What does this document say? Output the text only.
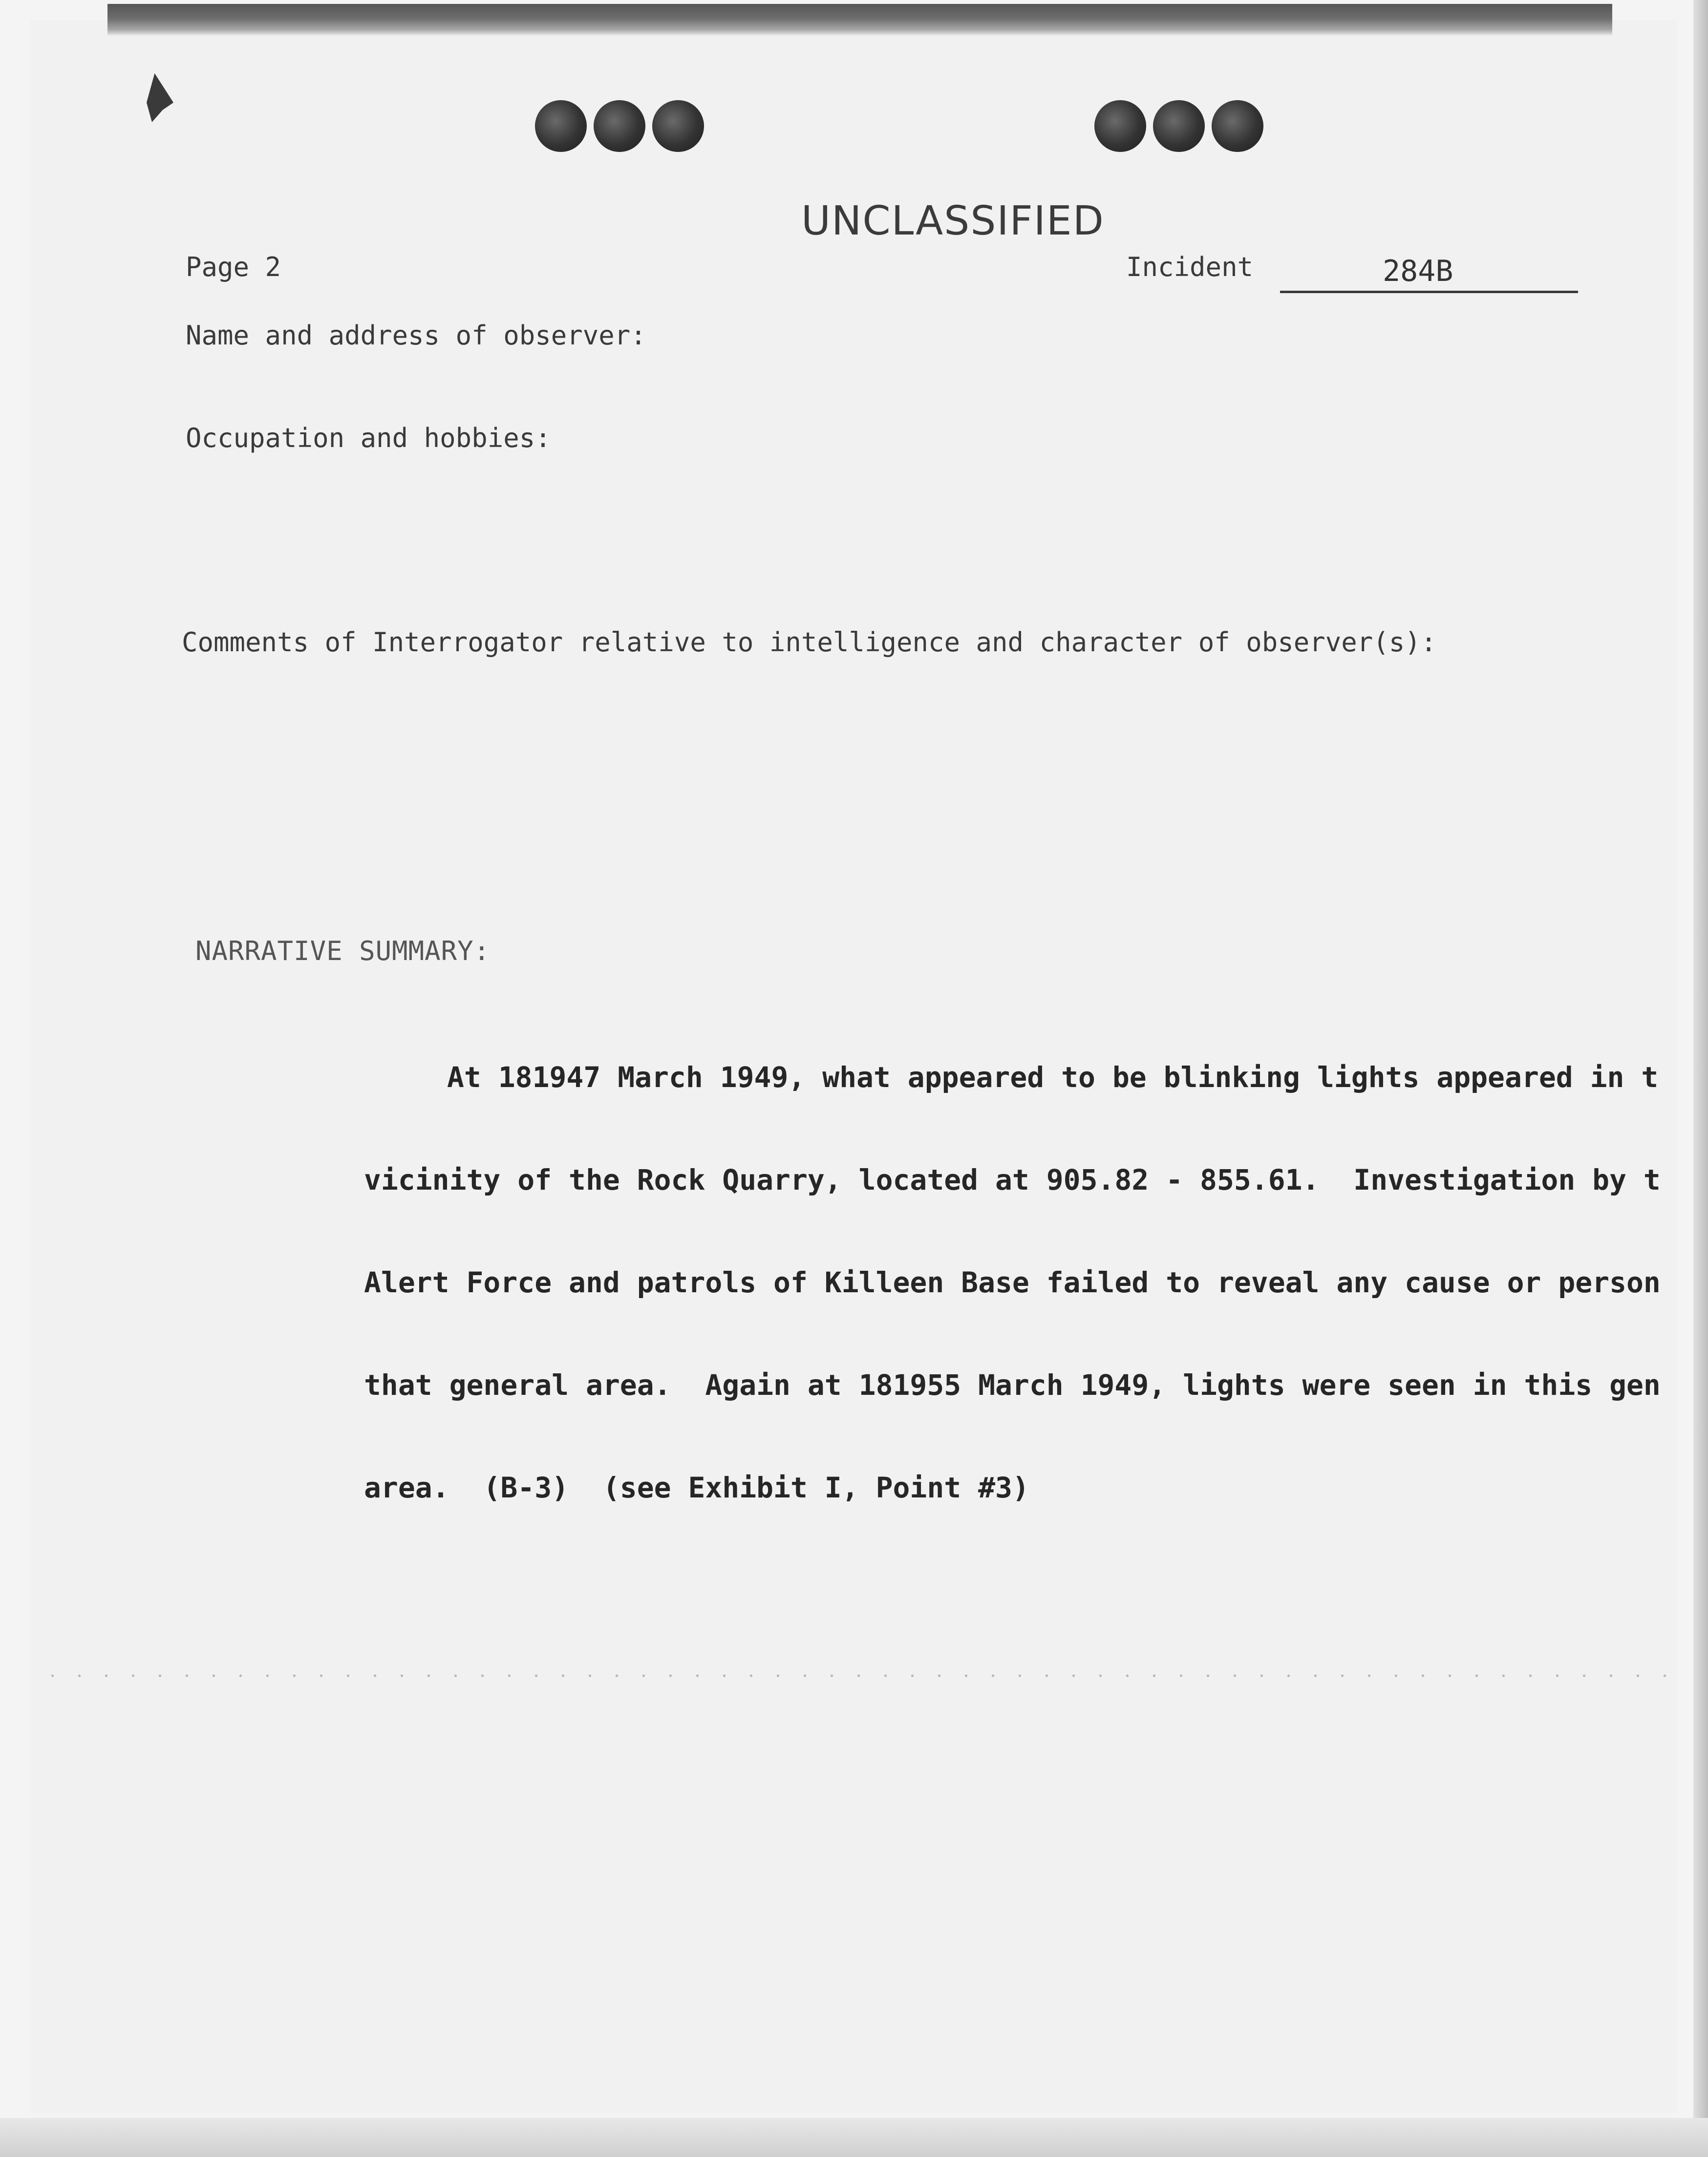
UNCLASSIFIED
Page 2	Incident	284B
Name and address of observer:
Occupation and hobbies:
Comments of Interrogator relative to intelligence and character of observer(s):
NARRATIVE SUMMARY:

At 181947 March 1949, what appeared to be blinking lights appeared in t

vicinity of the Rock Quarry, located at 905.82 - 855.61.  Investigation by t

Alert Force and patrols of Killeen Base failed to reveal any cause or person

that general area.  Again at 181955 March 1949, lights were seen in this gen

area.  (B-3)  (see Exhibit I, Point #3)
